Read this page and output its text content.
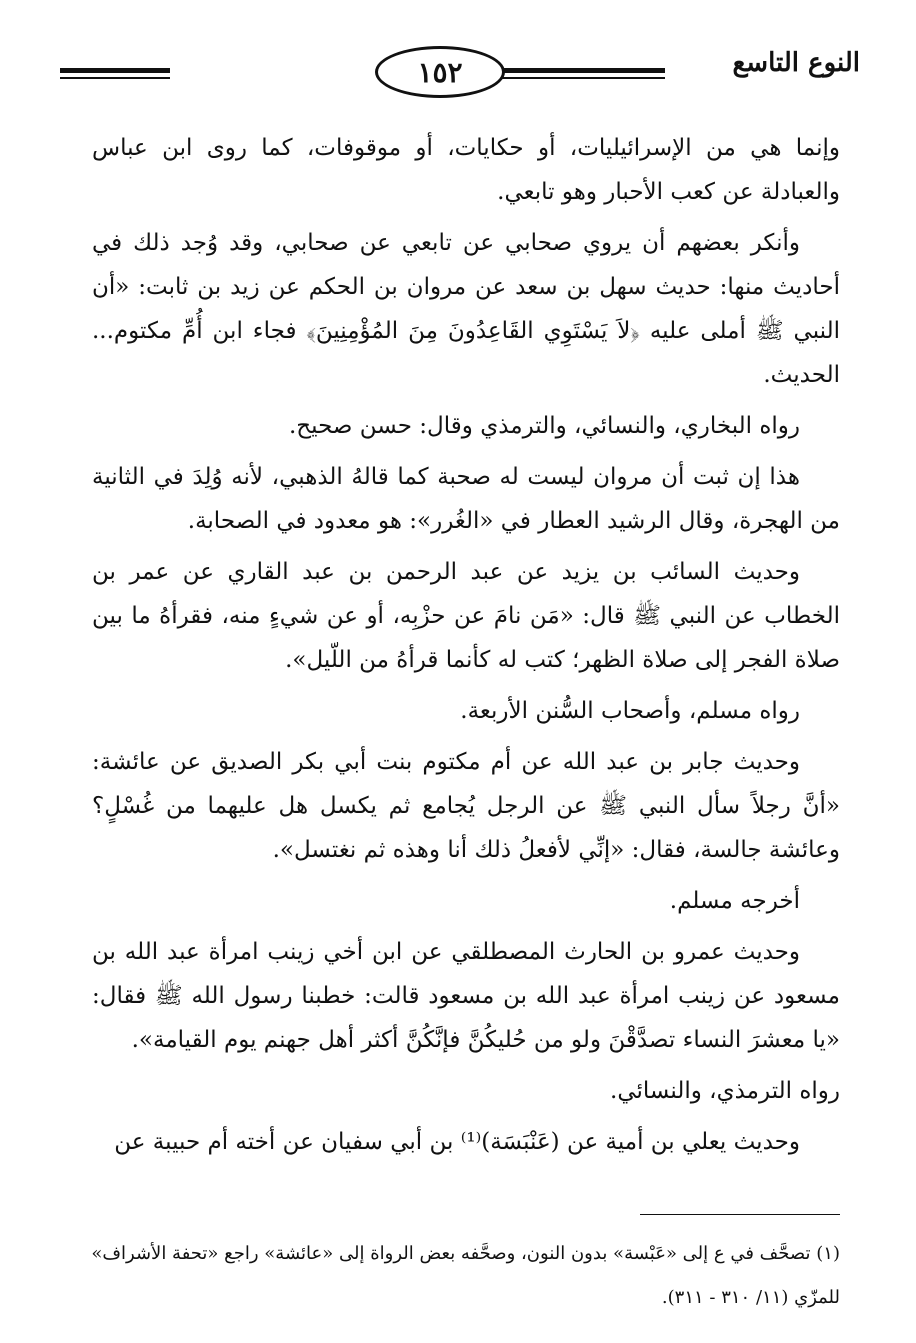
النوع التاسع
١٥٢

وإنما هي من الإسرائيليات، أو حكايات، أو موقوفات، كما روى ابن عباس والعبادلة عن كعب الأحبار وهو تابعي.

وأنكر بعضهم أن يروي صحابي عن تابعي عن صحابي، وقد وُجد ذلك في أحاديث منها: حديث سهل بن سعد عن مروان بن الحكم عن زيد بن ثابت: «أن النبي ﷺ أملى عليه ﴿لاَ يَسْتَوِي القَاعِدُونَ مِنَ المُؤْمِنِينَ﴾ فجاء ابن أُمِّ مكتوم... الحديث.

رواه البخاري، والنسائي، والترمذي وقال: حسن صحيح.

هذا إن ثبت أن مروان ليست له صحبة كما قالهُ الذهبي، لأنه وُلِدَ في الثانية من الهجرة، وقال الرشيد العطار في «الغُرر»: هو معدود في الصحابة.

وحديث السائب بن يزيد عن عبد الرحمن بن عبد القاري عن عمر بن الخطاب عن النبي ﷺ قال: «مَن نامَ عن حزْبِه، أو عن شيءٍ منه، فقرأهُ ما بين صلاة الفجر إلى صلاة الظهر؛ كتب له كأنما قرأهُ من اللّيل».

رواه مسلم، وأصحاب السُّنن الأربعة.

وحديث جابر بن عبد الله عن أم مكتوم بنت أبي بكر الصديق عن عائشة: «أنَّ رجلاً سأل النبي ﷺ عن الرجل يُجامع ثم يكسل هل عليهما من غُسْلٍ؟ وعائشة جالسة، فقال: «إنِّي لأفعلُ ذلك أنا وهذه ثم نغتسل».

أخرجه مسلم.

وحديث عمرو بن الحارث المصطلقي عن ابن أخي زينب امرأة عبد الله بن مسعود عن زينب امرأة عبد الله بن مسعود قالت: خطبنا رسول الله ﷺ فقال: «يا معشرَ النساء تصدَّقْنَ ولو من حُليكُنَّ فإنَّكُنَّ أكثر أهل جهنم يوم القيامة».

رواه الترمذي، والنسائي.

وحديث يعلي بن أمية عن (عَنْبَسَة)⁽¹⁾ بن أبي سفيان عن أخته أم حبيبة عن

(١) تصحَّف في ع إلى «عَبْسة» بدون النون، وصحَّفه بعض الرواة إلى «عائشة» راجع «تحفة الأشراف» للمزّي (١١/ ٣١٠ - ٣١١).
